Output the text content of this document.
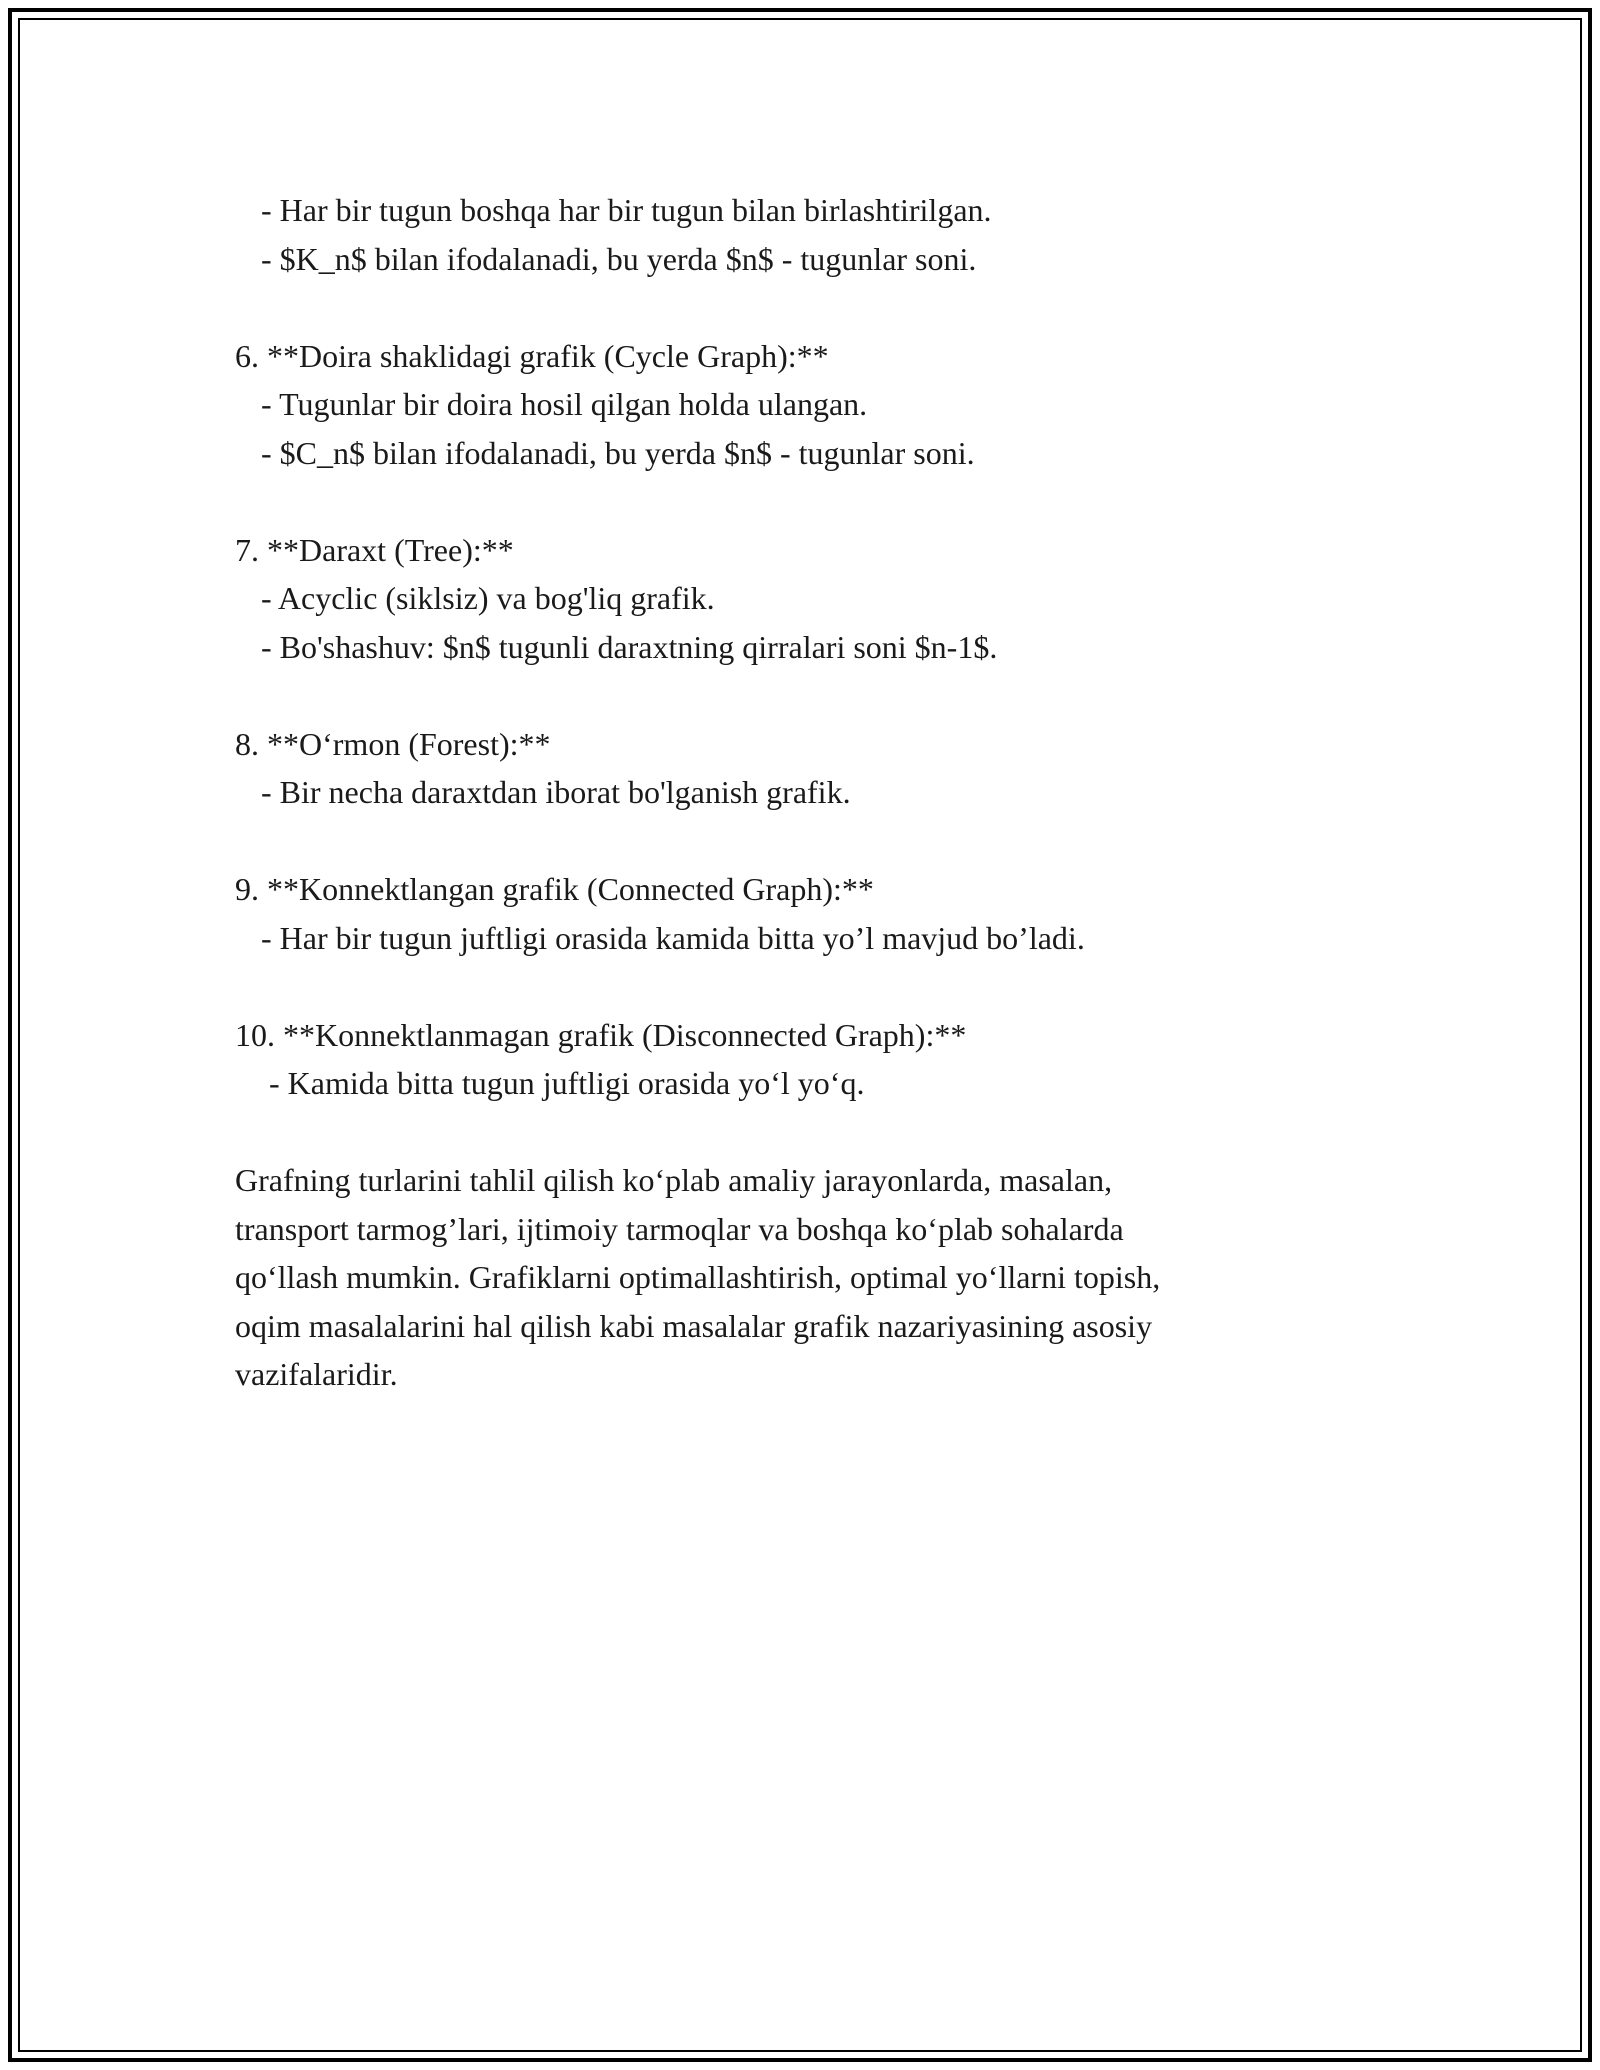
- Har bir tugun boshqa har bir tugun bilan birlashtirilgan.
- $K_n$ bilan ifodalanadi, bu yerda $n$ - tugunlar soni.
6. **Doira shaklidagi grafik (Cycle Graph):**
- Tugunlar bir doira hosil qilgan holda ulangan.
- $C_n$ bilan ifodalanadi, bu yerda $n$ - tugunlar soni.
7. **Daraxt (Tree):**
- Acyclic (siklsiz) va bog'liq grafik.
- Bo'shashuv: $n$ tugunli daraxtning qirralari soni $n-1$.
8. **O‘rmon (Forest):**
- Bir necha daraxtdan iborat bo'lganish grafik.
9. **Konnektlangan grafik (Connected Graph):**
- Har bir tugun juftligi orasida kamida bitta yo’l mavjud bo’ladi.
10. **Konnektlanmagan grafik (Disconnected Graph):**
- Kamida bitta tugun juftligi orasida yo‘l yo‘q.
Grafning turlarini tahlil qilish ko‘plab amaliy jarayonlarda, masalan,
transport tarmog’lari, ijtimoiy tarmoqlar va boshqa ko‘plab sohalarda
qo‘llash mumkin. Grafiklarni optimallashtirish, optimal yo‘llarni topish,
oqim masalalarini hal qilish kabi masalalar grafik nazariyasining asosiy
vazifalaridir.
